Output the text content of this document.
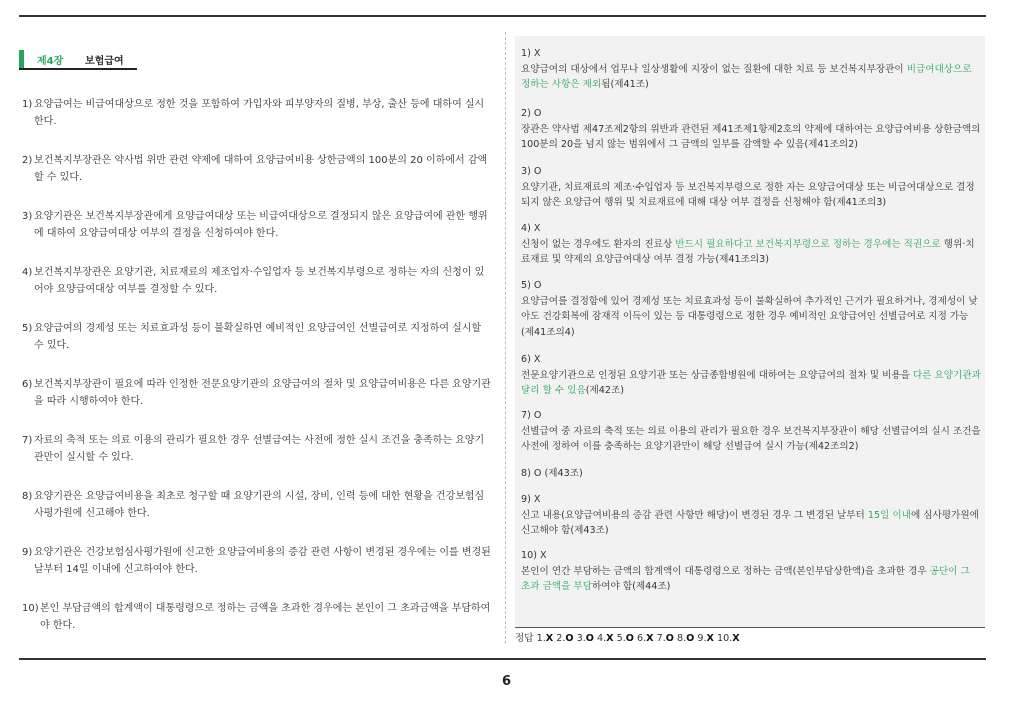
제4장 보험급여
1) 요양급여는 비급여대상으로 정한 것을 포함하여 가입자와 피부양자의 질병, 부상, 출산 등에 대하여 실시한다.
2) 보건복지부장관은 약사법 위반 관련 약제에 대하여 요양급여비용 상한금액의 100분의 20 이하에서 감액할 수 있다.
3) 요양기관은 보건복지부장관에게 요양급여대상 또는 비급여대상으로 결정되지 않은 요양급여에 관한 행위에 대하여 요양급여대상 여부의 결정을 신청하여야 한다.
4) 보건복지부장관은 요양기관, 치료재료의 제조업자·수입업자 등 보건복지부령으로 정하는 자의 신청이 있어야 요양급여대상 여부를 결정할 수 있다.
5) 요양급여의 경제성 또는 치료효과성 등이 불확실하면 예비적인 요양급여인 선별급여로 지정하여 실시할 수 있다.
6) 보건복지부장관이 필요에 따라 인정한 전문요양기관의 요양급여의 절차 및 요양급여비용은 다른 요양기관을 따라 시행하여야 한다.
7) 자료의 축적 또는 의료 이용의 관리가 필요한 경우 선별급여는 사전에 정한 실시 조건을 충족하는 요양기관만이 실시할 수 있다.
8) 요양기관은 요양급여비용을 최초로 청구할 때 요양기관의 시설, 장비, 인력 등에 대한 현황을 건강보험심사평가원에 신고해야 한다.
9) 요양기관은 건강보험심사평가원에 신고한 요양급여비용의 증감 관련 사항이 변경된 경우에는 이를 변경된 날부터 14일 이내에 신고하여야 한다.
10) 본인 부담금액의 합계액이 대통령령으로 정하는 금액을 초과한 경우에는 본인이 그 초과금액을 부담하여야 한다.
1) X
요양급여의 대상에서 업무나 일상생활에 지장이 없는 질환에 대한 치료 등 보건복지부장관이 비급여대상으로 정하는 사항은 제외됨(제41조)
2) O
장관은 약사법 제47조제2항의 위반과 관련된 제41조제1항제2호의 약제에 대하여는 요양급여비용 상한금액의 100분의 20을 넘지 않는 범위에서 그 금액의 일부를 감액할 수 있음(제41조의2)
3) O
요양기관, 치료재료의 제조·수입업자 등 보건복지부령으로 정한 자는 요양급여대상 또는 비급여대상으로 결정되지 않은 요양급여 행위 및 치료재료에 대해 대상 여부 결정을 신청해야 함(제41조의3)
4) X
신청이 없는 경우에도 환자의 진료상 반드시 필요하다고 보건복지부령으로 정하는 경우에는 직권으로 행위·치료재료 및 약제의 요양급여대상 여부 결정 가능(제41조의3)
5) O
요양급여를 결정함에 있어 경제성 또는 치료효과성 등이 불확실하여 추가적인 근거가 필요하거나, 경제성이 낮아도 건강회복에 잠재적 이득이 있는 등 대통령령으로 정한 경우 예비적인 요양급여인 선별급여로 지정 가능(제41조의4)
6) X
전문요양기관으로 인정된 요양기관 또는 상급종합병원에 대하여는 요양급여의 절차 및 비용을 다른 요양기관과 달리 할 수 있음(제42조)
7) O
선별급여 중 자료의 축적 또는 의료 이용의 관리가 필요한 경우 보건복지부장관이 해당 선별급여의 실시 조건을 사전에 정하여 이를 충족하는 요양기관만이 해당 선별급여 실시 가능(제42조의2)
8) O (제43조)
9) X
신고 내용(요양급여비용의 증감 관련 사항만 해당)이 변경된 경우 그 변경된 날부터 15일 이내에 심사평가원에 신고해야 함(제43조)
10) X
본인이 연간 부담하는 금액의 합계액이 대통령령으로 정하는 금액(본인부담상한액)을 초과한 경우 공단이 그 초과 금액을 부담하여야 함(제44조)
정답 1.X 2.O 3.O 4.X 5.O 6.X 7.O 8.O 9.X 10.X
6
